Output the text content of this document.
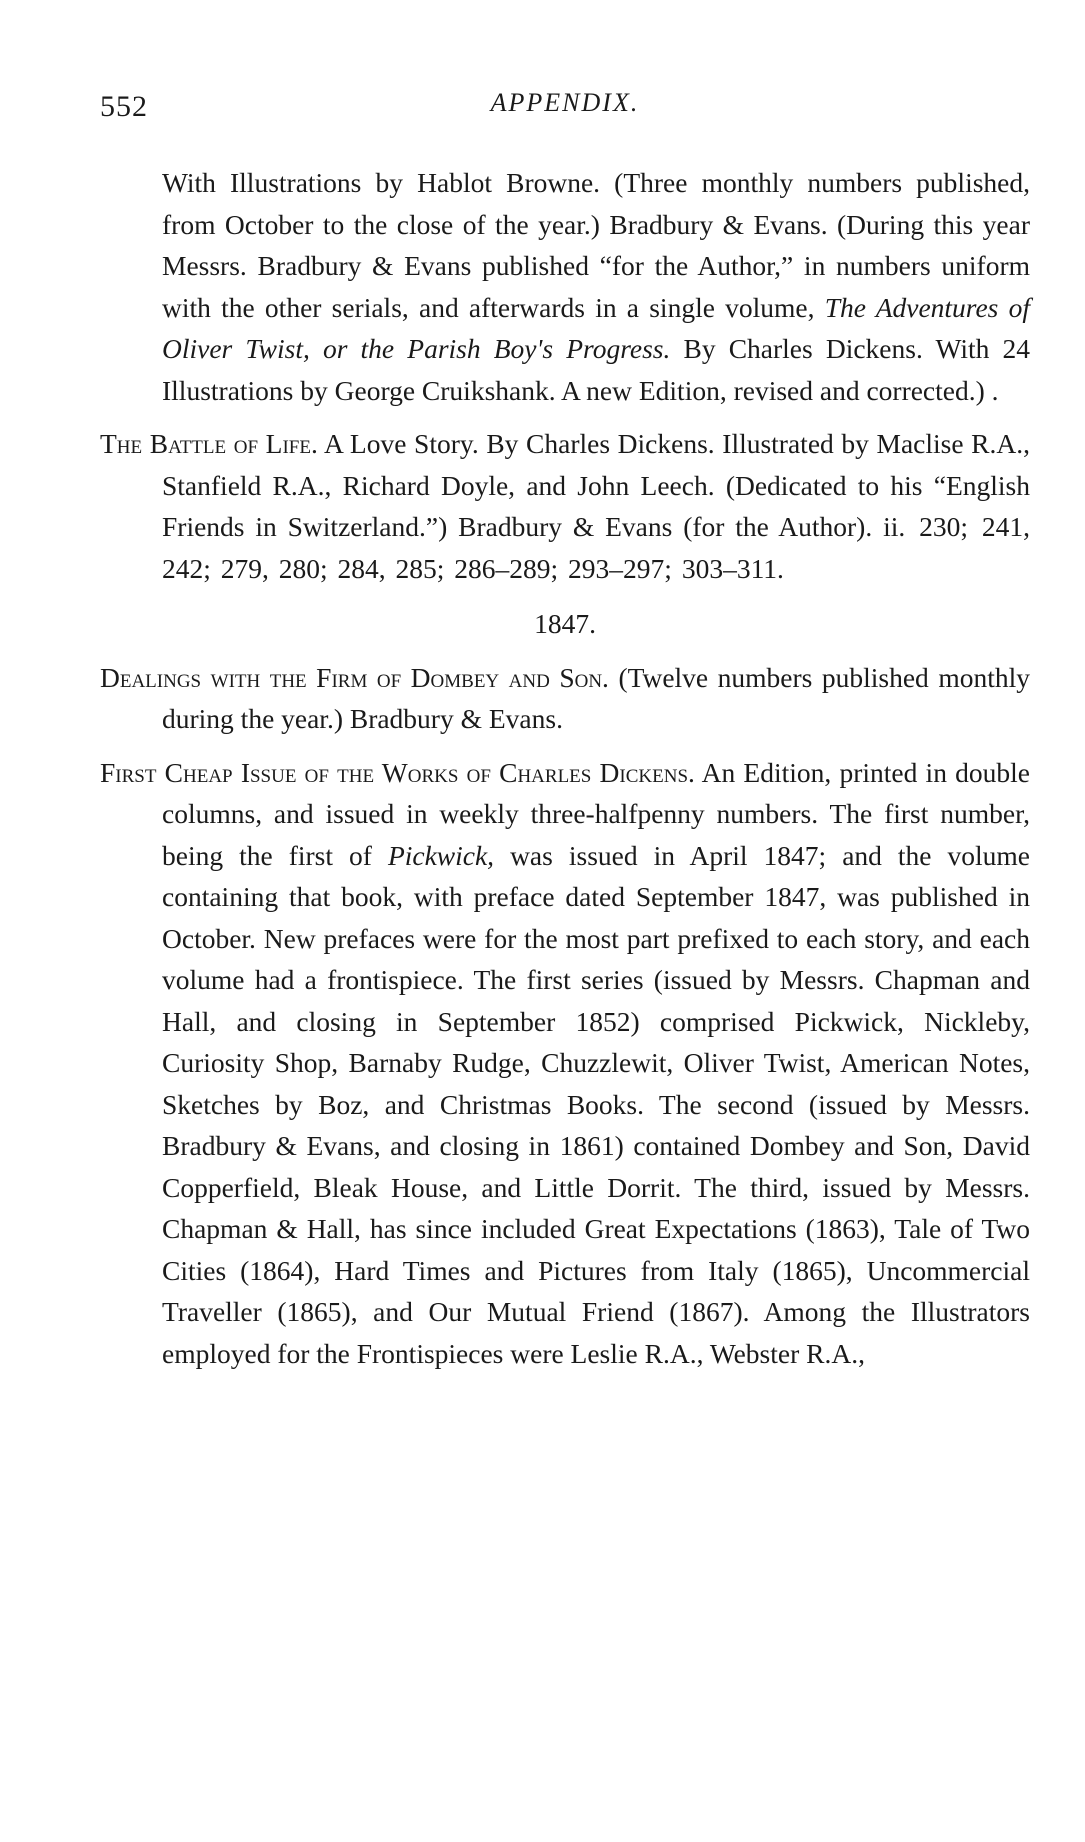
552	APPENDIX.

With Illustrations by Hablot Browne. (Three monthly numbers published, from October to the close of the year.) Bradbury & Evans. (During this year Messrs. Bradbury & Evans published “for the Author,” in numbers uniform with the other serials, and afterwards in a single volume, The Adventures of Oliver Twist, or the Parish Boy's Progress. By Charles Dickens. With 24 Illustrations by George Cruikshank. A new Edition, revised and corrected.) .

The Battle of Life. A Love Story. By Charles Dickens. Illustrated by Maclise R.A., Stanfield R.A., Richard Doyle, and John Leech. (Dedicated to his “English Friends in Switzerland.”) Bradbury & Evans (for the Author). ii. 230; 241, 242; 279, 280; 284, 285; 286–289; 293–297; 303–311.

1847.

Dealings with the Firm of Dombey and Son. (Twelve numbers published monthly during the year.) Bradbury & Evans.

First Cheap Issue of the Works of Charles Dickens. An Edition, printed in double columns, and issued in weekly three-halfpenny numbers. The first number, being the first of Pickwick, was issued in April 1847; and the volume containing that book, with preface dated September 1847, was published in October. New prefaces were for the most part prefixed to each story, and each volume had a frontispiece. The first series (issued by Messrs. Chapman and Hall, and closing in September 1852) comprised Pickwick, Nickleby, Curiosity Shop, Barnaby Rudge, Chuzzlewit, Oliver Twist, American Notes, Sketches by Boz, and Christmas Books. The second (issued by Messrs. Bradbury & Evans, and closing in 1861) contained Dombey and Son, David Copperfield, Bleak House, and Little Dorrit. The third, issued by Messrs. Chapman & Hall, has since included Great Expectations (1863), Tale of Two Cities (1864), Hard Times and Pictures from Italy (1865), Uncommercial Traveller (1865), and Our Mutual Friend (1867). Among the Illustrators employed for the Frontispieces were Leslie R.A., Webster R.A.,
